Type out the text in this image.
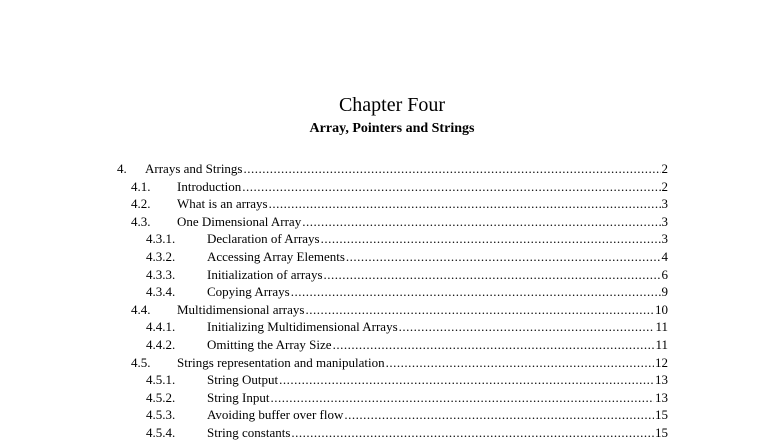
Chapter Four
Array, Pointers and Strings
4. Arrays and Strings .....	2
4.1. Introduction .....	2
4.2. What is an arrays .....	3
4.3. One Dimensional Array .....	3
4.3.1. Declaration of Arrays .....	3
4.3.2. Accessing Array Elements .....	4
4.3.3. Initialization of arrays .....	6
4.3.4. Copying Arrays .....	9
4.4. Multidimensional arrays .....	10
4.4.1. Initializing Multidimensional Arrays .....	11
4.4.2. Omitting the Array Size .....	11
4.5. Strings representation and manipulation .....	12
4.5.1. String Output .....	13
4.5.2. String Input .....	13
4.5.3. Avoiding buffer over flow .....	15
4.5.4. String constants .....	15
